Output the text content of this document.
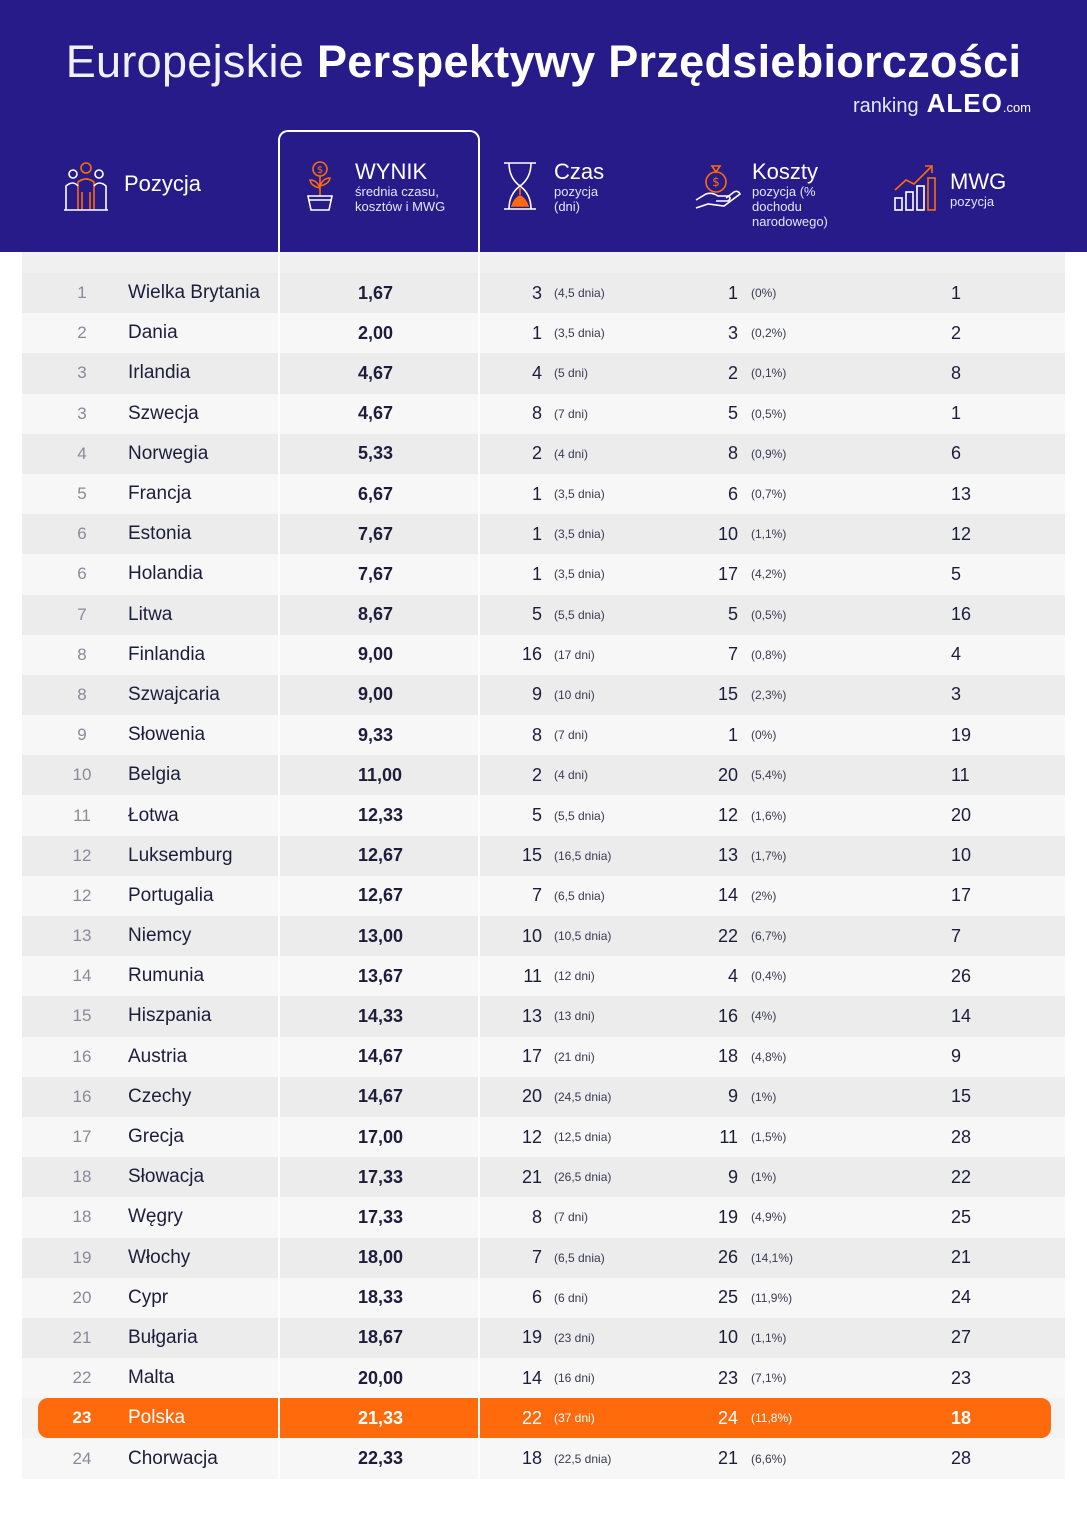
Europejskie Perspektywy Przędsiebiorczości
ranking ALEO.com
Pozycja
$ WYNIK
średnia czasu, kosztów i MWG
Czas
pozycja (dni)
$ Koszty
pozycja (% dochodu narodowego)
MWG
pozycja
1	Wielka Brytania	1,67	3 (4,5 dnia)	1 (0%)	1
2	Dania	2,00	1 (3,5 dnia)	3 (0,2%)	2
3	Irlandia	4,67	4 (5 dni)	2 (0,1%)	8
3	Szwecja	4,67	8 (7 dni)	5 (0,5%)	1
4	Norwegia	5,33	2 (4 dni)	8 (0,9%)	6
5	Francja	6,67	1 (3,5 dnia)	6 (0,7%)	13
6	Estonia	7,67	1 (3,5 dnia)	10 (1,1%)	12
6	Holandia	7,67	1 (3,5 dnia)	17 (4,2%)	5
7	Litwa	8,67	5 (5,5 dnia)	5 (0,5%)	16
8	Finlandia	9,00	16 (17 dni)	7 (0,8%)	4
8	Szwajcaria	9,00	9 (10 dni)	15 (2,3%)	3
9	Słowenia	9,33	8 (7 dni)	1 (0%)	19
10	Belgia	11,00	2 (4 dni)	20 (5,4%)	11
11	Łotwa	12,33	5 (5,5 dnia)	12 (1,6%)	20
12	Luksemburg	12,67	15 (16,5 dnia)	13 (1,7%)	10
12	Portugalia	12,67	7 (6,5 dnia)	14 (2%)	17
13	Niemcy	13,00	10 (10,5 dnia)	22 (6,7%)	7
14	Rumunia	13,67	11 (12 dni)	4 (0,4%)	26
15	Hiszpania	14,33	13 (13 dni)	16 (4%)	14
16	Austria	14,67	17 (21 dni)	18 (4,8%)	9
16	Czechy	14,67	20 (24,5 dnia)	9 (1%)	15
17	Grecja	17,00	12 (12,5 dnia)	11 (1,5%)	28
18	Słowacja	17,33	21 (26,5 dnia)	9 (1%)	22
18	Węgry	17,33	8 (7 dni)	19 (4,9%)	25
19	Włochy	18,00	7 (6,5 dnia)	26 (14,1%)	21
20	Cypr	18,33	6 (6 dni)	25 (11,9%)	24
21	Bułgaria	18,67	19 (23 dni)	10 (1,1%)	27
22	Malta	20,00	14 (16 dni)	23 (7,1%)	23
23	Polska	21,33	22 (37 dni)	24 (11,8%)	18
24	Chorwacja	22,33	18 (22,5 dnia)	21 (6,6%)	28
